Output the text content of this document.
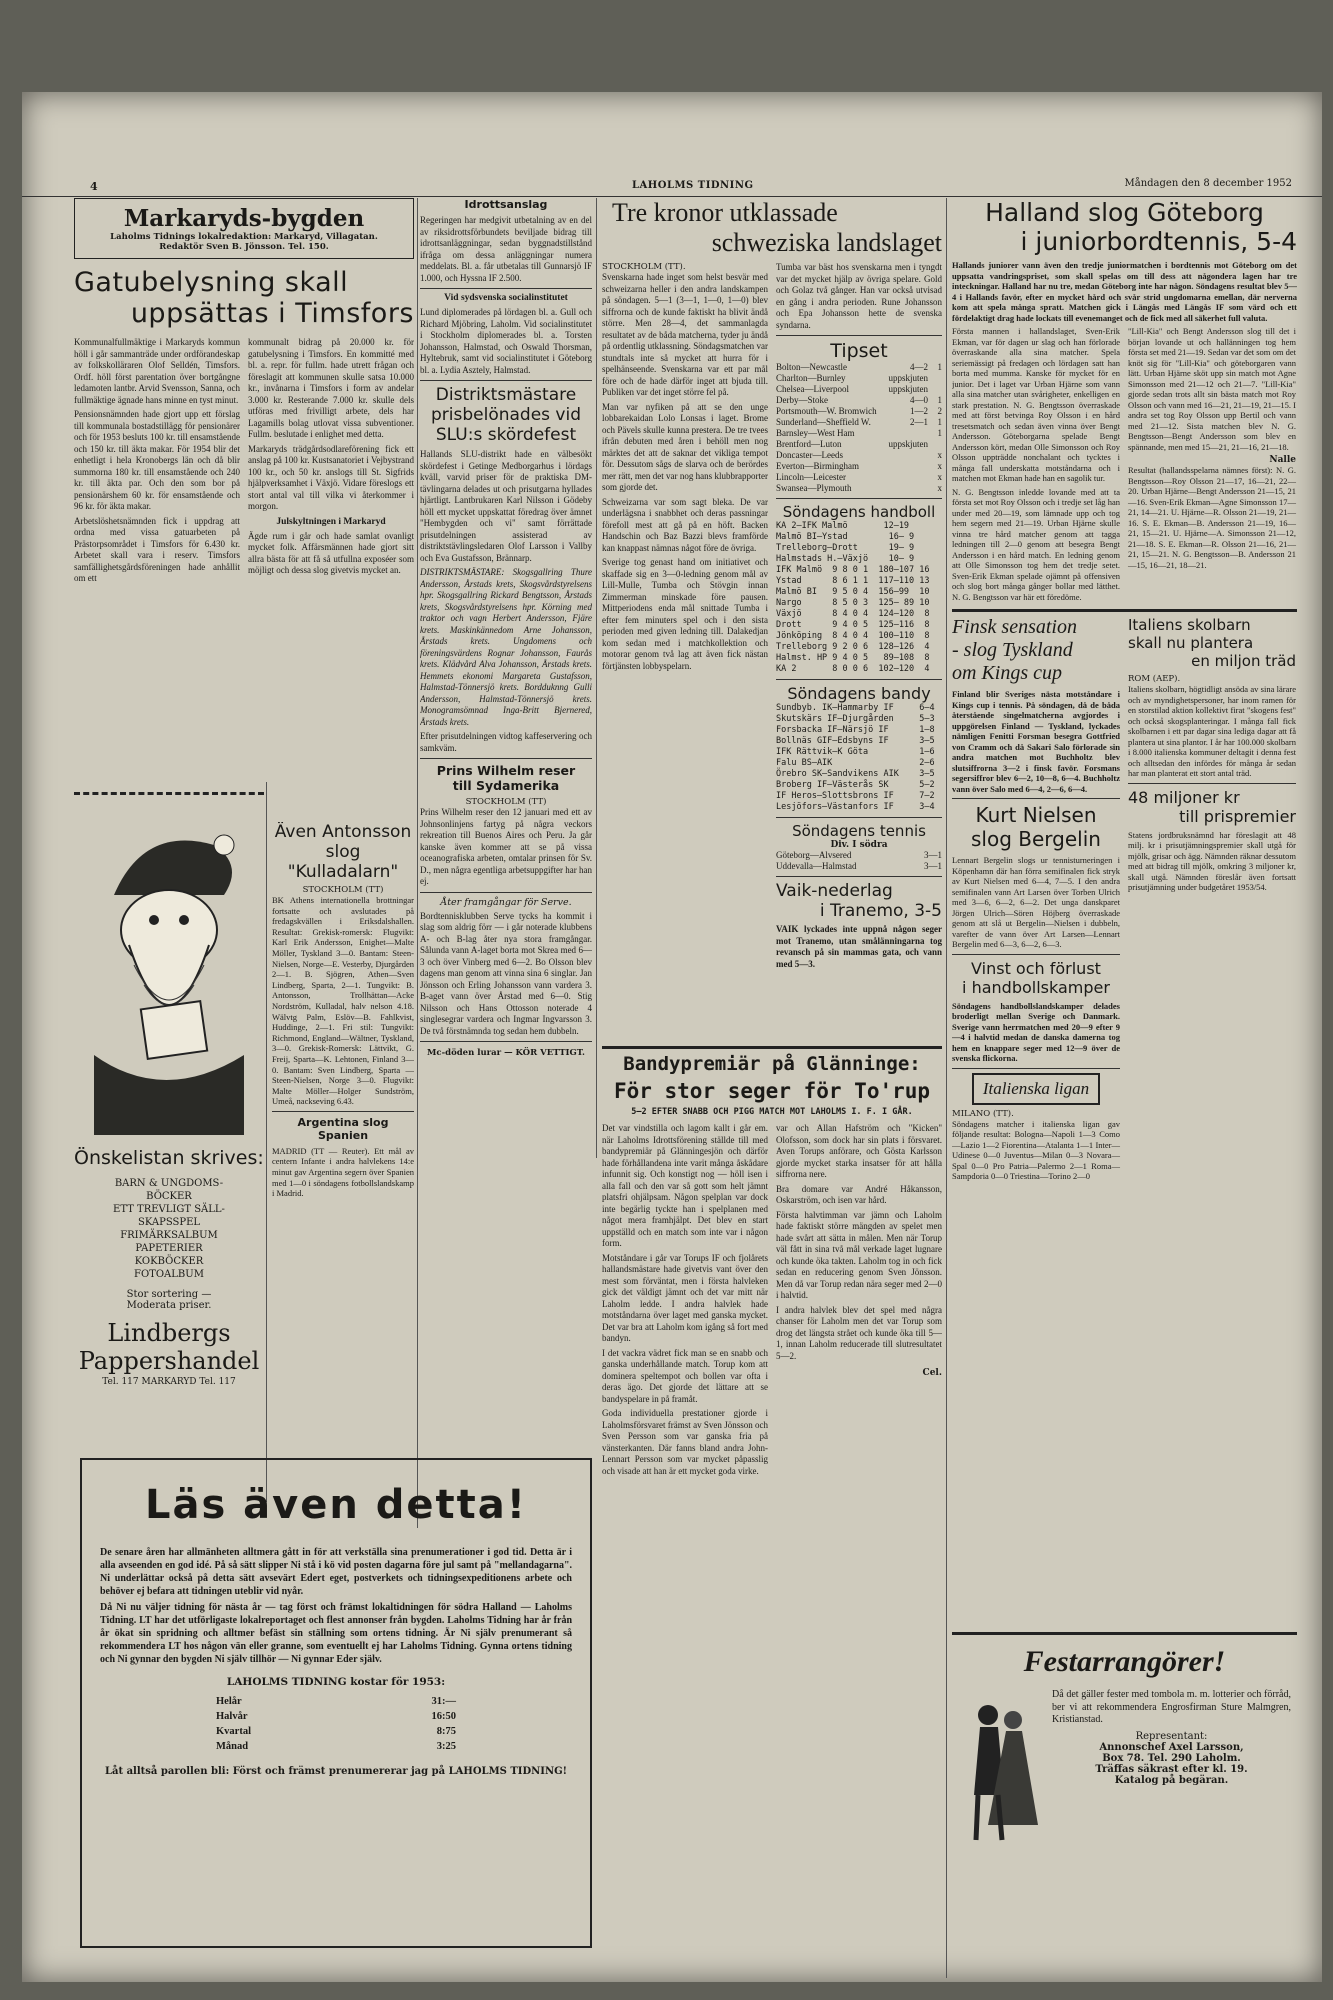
4	LAHOLMS TIDNING	Måndagen den 8 december 1952
Markaryds-bygden
Laholms Tidnings lokalredaktion: Markaryd, Villagatan.
Redaktör Sven B. Jönsson. Tel. 150.
Gatubelysning skall
uppsättas i Timsfors

Kommunalfullmäktige i Markaryds kommun höll i går sammanträde under ordförandeskap av folkskolläraren Olof Selldén, Timsfors. Ordf. höll först parentation över bortgångne ledamoten lantbr. Arvid Svensson, Sanna, och fullmäktige ägnade hans minne en tyst minut.

Pensionsnämnden hade gjort upp ett förslag till kommunala bostadstillägg för pensionärer och för 1953 besluts 100 kr. till ensamstående och 150 kr. till äkta makar. För 1954 blir det enhetligt i hela Kronobergs län och då blir summorna 180 kr. till ensamstående och 240 kr. till äkta par. Och den som bor på pensionärshem 60 kr. för ensamstående och 96 kr. för äkta makar.

Arbetslöshetsnämnden fick i uppdrag att ordna med vissa gatuarbeten på Prästorpsområdet i Timsfors för 6.430 kr. Arbetet skall vara i reserv. Timsfors samfällighetsgårdsföreningen hade anhållit om ett

kommunalt bidrag på 20.000 kr. för gatubelysning i Timsfors. En kommitté med bl. a. repr. för fullm. hade utrett frågan och föreslagit att kommunen skulle satsa 10.000 kr., invånarna i Timsfors i form av andelar 3.000 kr. Resterande 7.000 kr. skulle dels utföras med frivilligt arbete, dels har Lagamills bolag utlovat vissa subventioner. Fullm. beslutade i enlighet med detta.

Markaryds trädgårdsodlareförening fick ett anslag på 100 kr. Kustsanatoriet i Vejbystrand 100 kr., och 50 kr. anslogs till St. Sigfrids hjälpverksamhet i Växjö. Vidare föreslogs ett stort antal val till vilka vi återkommer i morgon.

Julskyltningen i Markaryd

Ägde rum i går och hade samlat ovanligt mycket folk. Affärsmännen hade gjort sitt allra bästa för att få så utfullna exposéer som möjligt och dessa slog givetvis mycket an.

Önskelistan skrives:
BARN & UNGDOMS-
BÖCKER
ETT TREVLIGT SÄLL-
SKAPSSPEL
FRIMÄRKSALBUM
PAPETERIER
KOKBÖCKER
FOTOALBUM
Stor sortering —
Moderata priser.
Lindbergs
Pappershandel
Tel. 117 MARKARYD Tel. 117
Idrottsanslag

Regeringen har medgivit utbetalning av en del av riksidrottsförbundets beviljade bidrag till idrottsanläggningar, sedan byggnadstillstånd ifråga om dessa anläggningar numera meddelats. Bl. a. får utbetalas till Gunnarsjö IF 1.000, och Hyssna IF 2.500.

Vid sydsvenska socialinstitutet

Lund diplomerades på lördagen bl. a. Gull och Richard Mjöbring, Laholm. Vid socialinstitutet i Stockholm diplomerades bl. a. Torsten Johansson, Halmstad, och Oswald Thorsman, Hyltebruk, samt vid socialinstitutet i Göteborg bl. a. Lydia Asztely, Halmstad.

Distriktsmästare
prisbelönades vid
SLU:s skördefest

Hallands SLU-distrikt hade en välbesökt skördefest i Getinge Medborgarhus i lördags kväll, varvid priser för de praktiska DM-tävlingarna delades ut och prisutgarna hyllades hjärtligt. Lantbrukaren Karl Nilsson i Gödeby höll ett mycket uppskattat föredrag över ämnet "Hembygden och vi" samt förrättade prisutdelningen assisterad av distriktstävlingsledaren Olof Larsson i Vallby och Eva Gustafsson, Brännarp.

DISTRIKTSMÄSTARE: Skogsgallring Thure Andersson, Årstads krets, Skogsvårdstyrelsens hpr. Skogsgallring Rickard Bengtsson, Årstads krets, Skogsvårdstyrelsens hpr. Körning med traktor och vagn Herbert Andersson, Fjäre krets. Maskinkännedom Arne Johansson, Årstads krets. Ungdomens och föreningsvärdens Rognar Johansson, Faurås krets. Klädvård Alva Johansson, Årstads krets. Hemmets ekonomi Margareta Gustafsson, Halmstad-Tönnersjö krets. Bordduknng Gulli Andersson, Halmstad-Tönnersjö krets. Monogramsömnad Inga-Britt Bjernered, Årstads krets.

Efter prisutdelningen vidtog kaffeservering och samkväm.

Prins Wilhelm reser
till Sydamerika
STOCKHOLM (TT)

Prins Wilhelm reser den 12 januari med ett av Johnsonlinjens fartyg på några veckors rekreation till Buenos Aires och Peru. Ja går kanske även kommer att se på vissa oceanografiska arbeten, omtalar prinsen för Sv. D., men några egentliga arbetsuppgifter har han ej.

Åter framgångar för Serve.

Bordtennisklubben Serve tycks ha kommit i slag som aldrig förr — i går noterade klubbens A- och B-lag åter nya stora framgångar. Sålunda vann A-laget borta mot Skrea med 6—3 och över Vinberg med 6—2. Bo Olsson blev dagens man genom att vinna sina 6 singlar. Jan Jönsson och Erling Johansson vann vardera 3. B-aget vann över Årstad med 6—0. Stig Nilsson och Hans Ottosson noterade 4 singlesegrar vardera och Ingmar Ingvarsson 3. De två förstnämnda tog sedan hem dubbeln.

Mc-döden lurar — KÖR VETTIGT.
Även Antonsson
slog "Kulladalarn"
STOCKHOLM (TT)

BK Athens internationella brottningar fortsatte och avslutades på fredagskvällen i Eriksdalshallen. Resultat: Grekisk-romersk: Flugvikt: Karl Erik Andersson, Enighet—Malte Möller, Tyskland 3—0. Bantam: Steen-Nielsen, Norge—E. Vesterby, Djurgården 2—1. B. Sjögren, Athen—Sven Lindberg, Sparta, 2—1. Tungvikt: B. Antonsson, Trollhättan—Acke Nordström, Kulladal, halv nelson 4.18. Wälvtg Palm, Eslöv—B. Fahlkvist, Huddinge, 2—1. Fri stil: Tungvikt: Richmond, England—Wältner, Tyskland, 3—0. Grekisk-Romersk: Lättvikt, G. Freij, Sparta—K. Lehtonen, Finland 3—0. Bantam: Sven Lindberg, Sparta —Steen-Nielsen, Norge 3—0. Flugvikt: Malte Möller—Holger Sundström, Umeå, nackseving 6.43.

Argentina slog Spanien

MADRID (TT — Reuter). Ett mål av centern Infante i andra halvlekens 14:e minut gav Argentina segern över Spanien med 1—0 i söndagens fotbollslandskamp i Madrid.

Tre kronor utklassade
schweziska landslaget
STOCKHOLM (TT).

Svenskarna hade inget som helst besvär med schweizarna heller i den andra landskampen på söndagen. 5—1 (3—1, 1—0, 1—0) blev siffrorna och de kunde faktiskt ha blivit ändå större. Men 28—4, det sammanlagda resultatet av de båda matcherna, tyder ju ändå på ordentlig utklassning. Söndagsmatchen var stundtals inte så mycket att hurra för i spelhänseende. Svenskarna var ett par mål före och de hade därför inget att bjuda till. Publiken var det inget större fel på.

Man var nyfiken på att se den unge lobbarekaidan Lolo Lonsas i laget. Brome och Pävels skulle kunna prestera. De tre tvees ifrån debuten med åren i behöll men nog märktes det att de saknar det vikliga tempot för. Dessutom sågs de slarva och de berördes mer rätt, men det var nog hans klubbrapporter som gjorde det.

Schweizarna var som sagt bleka. De var underlägsna i snabbhet och deras passningar förefoll mest att gå på en höft. Backen Handschin och Baz Bazzi blevs framförde kan knappast nämnas något före de övriga.

Sverige tog genast hand om initiativet och skaffade sig en 3—0-ledning genom mål av Lill-Mulle, Tumba och Stövgin innan Zimmerman minskade före pausen. Mittperiodens enda mål snittade Tumba i efter fem minuters spel och i den sista perioden med given ledning till. Dalakedjan kom sedan med i matchkollektion och motorar genom två lag att även fick nästan förtjänsten lobbyspelarn.

Tumba var bäst hos svenskarna men i tyngdt var det mycket hjälp av övriga spelare. Gold och Golaz två gånger. Han var också utvisad en gång i andra perioden. Rune Johansson och Epa Johansson hette de svenska syndarna.

Tipset
Bolton—Newcastle	4—2 1
Charlton—Burnley	uppskjuten
Chelsea—Liverpool	uppskjuten
Derby—Stoke	4—0 1
Portsmouth—W. Bromwich	1—2 2
Sunderland—Sheffield W.	2—1 1
Barnsley—West Ham	1
Brentford—Luton	uppskjuten
Doncaster—Leeds	x
Everton—Birmingham	x
Lincoln—Leicester	x
Swansea—Plymouth	x
Söndagens handboll
KA 2—IFK Malmö       12—19
Malmö BI—Ystad        16— 9
Trelleborg—Drott      19— 9
Halmstads H.—Växjö    10— 9
IFK Malmö  9 8 0 1  180—107 16
Ystad      8 6 1 1  117—110 13
Malmö BI   9 5 0 4  156—99  10
Nargo      8 5 0 3  125— 89 10
Växjö      8 4 0 4  124—120  8
Drott      9 4 0 5  125—116  8
Jönköping  8 4 0 4  100—110  8
Trelleborg 9 2 0 6  128—126  4
Halmst. HP 9 4 0 5   89—108  8
KA 2       8 0 0 6  102—120  4
Söndagens bandy
Sundbyb. IK—Hammarby IF     6—4
Skutskärs IF—Djurgården     5—3
Forsbacka IF—Närsjö IF      1—8
Bollnäs GIF—Edsbyns IF      3—5
IFK Rättvik—K Göta          1—6
Falu BS—AIK                 2—6
Örebro SK—Sandvikens AIK    3—5
Broberg IF—Västerås SK      5—2
IF Heros—Slottsbrons IF     7—2
Lesjöfors—Västanfors IF     3—4
Söndagens tennis
Div. I södra
Göteborg—Alvsered	3—1
Uddevalla—Halmstad	3—1
Vaik-nederlag
i Tranemo, 3-5

VAIK lyckades inte uppnå någon seger mot Tranemo, utan smålänningarna tog revansch på sin mammas gata, och vann med 5—3.

Bandypremiär på Glänninge:
För stor seger för To'rup
5—2 EFTER SNABB OCH PIGG MATCH MOT LAHOLMS I. F. I GÅR.

Det var vindstilla och lagom kallt i går em. när Laholms Idrottsförening ställde till med bandypremiär på Glänningesjön och därför hade förhållandena inte varit många åskådare infunnit sig. Och konstigt nog — höll isen i alla fall och den var så gott som helt jämnt platsfri ohjälpsam. Någon spelplan var dock inte begärlig tyckte han i spelplanen med något mera framhjälpt. Det blev en start uppställd och en match som inte var i någon form.

Motståndare i går var Torups IF och fjolårets hallandsmästare hade givetvis vant över den mest som förväntat, men i första halvleken gick det väldigt jämnt och det var mitt när Laholm ledde. I andra halvlek hade motståndarna över laget med ganska mycket. Det var bra att Laholm kom igång så fort med bandyn.

I det vackra vädret fick man se en snabb och ganska underhållande match. Torup kom att dominera speltempot och bollen var ofta i deras ägo. Det gjorde det lättare att se bandyspelare in på framåt.

Goda individuella prestationer gjorde i Laholmsförsvaret främst av Sven Jönsson och Sven Persson som var ganska fria på vänsterkanten. Där fanns bland andra John-Lennart Persson som var mycket påpasslig och visade att han är ett mycket goda virke.

var och Allan Hafström och "Kicken" Olofsson, som dock har sin plats i försvaret. Aven Torups anförare, och Gösta Karlsson gjorde mycket starka insatser för att hålla siffrorna nere.

Bra domare var André Håkansson, Oskarström, och isen var hård.

Första halvtimman var jämn och Laholm hade faktiskt större mängden av spelet men hade svårt att sätta in målen. Men när Torup väl fått in sina två mål verkade laget lugnare och kunde öka takten. Laholm tog in och fick sedan en reducering genom Sven Jönsson. Men då var Torup redan nära seger med 2—0 i halvtid.

I andra halvlek blev det spel med några chanser för Laholm men det var Torup som drog det längsta strået och kunde öka till 5—1, innan Laholm reducerade till slutresultatet 5—2.

Cel.
Halland slog Göteborg
i juniorbordtennis, 5-4

Hallands juniorer vann även den tredje juniormatchen i bordtennis mot Göteborg om det uppsatta vandringspriset, som skall spelas om till dess att någondera lagen har tre inteckningar. Halland har nu tre, medan Göteborg inte har någon. Söndagens resultat blev 5—4 i Hallands favör, efter en mycket hård och svår strid ungdomarna emellan, där nervernа kom att spela många spratt. Matchen gick i Längås med Längås IF som värd och ett fördelaktigt drag hade lockats till evenemanget och de fick med all säkerhet full valuta.

Första mannen i hallandslaget, Sven-Erik Ekman, var för dagen ur slag och han förlorade överraskande alla sina matcher. Spela seriemässigt på fredagen och lördagen satt han borta med mumma. Kanske för mycket för en junior. Det i laget var Urban Hjärne som vann alla sina matcher utan svårigheter, enkelligen en stark prestation. N. G. Bengtsson överraskade med att först betvinga Roy Olsson i en hård tresetsmatch och sedan även vinna över Bengt Andersson. Göteborgarna spelade Bengt Andersson kört, medan Olle Simonsson och Roy Olsson uppträdde nonchalant och tycktes i många fall underskatta motståndarna och i matchen mot Ekman hade han en sagolik tur.

N. G. Bengtsson inledde lovande med att ta första set mot Roy Olsson och i tredje set låg han under med 20—19, som lämnade upp och tog hem segern med 21—19. Urban Hjärne skulle vinna tre hård matcher genom att tagga ledningen till 2—0 genom att besegra Bengt Andersson i en hård match. En ledning genom att Olle Simonsson tog hem det tredje setet. Sven-Erik Ekman spelade ojämnt på offensiven och slog bort många gånger bollar med lätthet. N. G. Bengtsson var här ett föredöme.

"Lill-Kia" och Bengt Andersson slog till det i början lovande ut och hallänningen tog hem första set med 21—19. Sedan var det som om det knöt sig för "Lill-Kia" och göteborgaren vann lätt. Urban Hjärne sköt upp sin match mot Agne Simonsson med 21—12 och 21—7. "Lill-Kia" gjorde sedan trots allt sin bästa match mot Roy Olsson och vann med 16—21, 21—19, 21—15. I andra set tog Roy Olsson upp Bertil och vann med 21—12. Sista matchen blev N. G. Bengtsson—Bengt Andersson som blev en spännande, men med 15—21, 21—16, 21—18.

Nalle

Resultat (hallandsspelarna nämnes först): N. G. Bengtsson—Roy Olsson 21—17, 16—21, 22—20. Urban Hjärne—Bengt Andersson 21—15, 21—16. Sven-Erik Ekman—Agne Simonsson 17—21, 14—21. U. Hjärne—R. Olsson 21—19, 21—16. S. E. Ekman—B. Andersson 21—19, 16—21, 15—21. U. Hjärne—A. Simonsson 21—12, 21—18. S. E. Ekman—R. Olsson 21—16, 21—21, 15—21. N. G. Bengtsson—B. Andersson 21—15, 16—21, 18—21.

Finsk sensation
- slog Tyskland
om Kings cup

Finland blir Sveriges nästa motståndare i Kings cup i tennis. På söndagen, då de båda återstående singelmatcherna avgjordes i uppgörelsen Finland — Tyskland, lyckades nämligen Fenitti Forsman besegra Gottfried von Cramm och då Sakari Salo förlorade sin andra matchen mot Buchholtz blev slutsiffrorna 3—2 i finsk favör. Forsmans segersiffror blev 6—2, 10—8, 6—4. Buchholtz vann över Salo med 6—4, 2—6, 6—4.

Kurt Nielsen
slog Bergelin

Lennart Bergelin slogs ur tennisturneringen i Köpenhamn där han förra semifinalen fick stryk av Kurt Nielsen med 6—4, 7—5. I den andra semifinalen vann Art Larsen över Torben Ulrich med 3—6, 6—2, 6—2. Det unga danskparet Jörgen Ulrich—Sören Höjberg överraskade genom att slå ut Bergelin—Nielsen i dubbeln, varefter de vann över Art Larsen—Lennart Bergelin med 6—3, 6—2, 6—3.

Vinst och förlust
i handbollskamper

Söndagens handbollslandskamper delades broderligt mellan Sverige och Danmark. Sverige vann herrmatchen med 20—9 efter 9—4 i halvtid medan de danska damerna tog hem en knappare seger med 12—9 över de svenska flickorna.

Italienska ligan
MILANO (TT).

Söndagens matcher i italienska ligan gav följande resultat: Bologna—Napoli 1—3 Como—Lazio 1—2 Fiorentina—Atalanta 1—1 Inter—Udinese 0—0 Juventus—Milan 0—3 Novara—Spal 0—0 Pro Patria—Palermo 2—1 Roma—Sampdoria 0—0 Triestina—Torino 2—0

Italiens skolbarn
skall nu plantera
en miljon träd
ROM (AEP).

Italiens skolbarn, högtidligt ansöda av sina lärare och av myndighetspersoner, har inom ramen för en storstilad aktion kollektivt firat "skogens fest" och också skogsplanteringar. I många fall fick skolbarnen i ett par dagar sina lediga dagar att få plantera ut sina plantor. I år har 100.000 skolbarn i 8.000 italienska kommuner deltagit i denna fest och alltsedan den infördes för många år sedan har man planterat ett stort antal träd.

48 miljoner kr
till prispremier

Statens jordbruksnämnd har föreslagit att 48 milj. kr i prisutjämningspremier skall utgå för mjölk, grisar och ägg. Nämnden räknar dessutom med att bidrag till mjölk, omkring 3 miljoner kr, skall utgå. Nämnden föreslår även fortsatt prisutjämning under budgetåret 1953/54.

Festarrangörer!

Då det gäller fester med tombola m. m. lotterier och förråd, ber vi att rekommendera Engrosfirman Sture Malmgren, Kristianstad.

Representant:
Annonschef Axel Larsson,
Box 78. Tel. 290 Laholm.
Träffas säkrast efter kl. 19.
Katalog på begäran.
Läs även detta!

De senare åren har allmänheten alltmera gått in för att verkställa sina prenumerationer i god tid. Detta är i alla avseenden en god idé. På så sätt slipper Ni stå i kö vid posten dagarna före jul samt på "mellandagarna". Ni underlättar också på detta sätt avsevärt Edert eget, postverkets och tidningsexpeditionens arbete och behöver ej befara att tidningen uteblir vid nyår.

Då Ni nu väljer tidning för nästa år — tag först och främst lokaltidningen för södra Halland — Laholms Tidning. LT har det utförligaste lokalreportaget och flest annonser från bygden. Laholms Tidning har år från år ökat sin spridning och alltmer befäst sin ställning som ortens tidning. Är Ni själv prenumerant så rekommendera LT hos någon vän eller granne, som eventuellt ej har Laholms Tidning. Gynna ortens tidning och Ni gynnar den bygden Ni själv tillhör — Ni gynnar Eder själv.

LAHOLMS TIDNING kostar för 1953:
Helår	31:—
Halvår	16:50
Kvartal	8:75
Månad	3:25

Låt alltså parollen bli: Först och främst prenumererar jag på LAHOLMS TIDNING!
